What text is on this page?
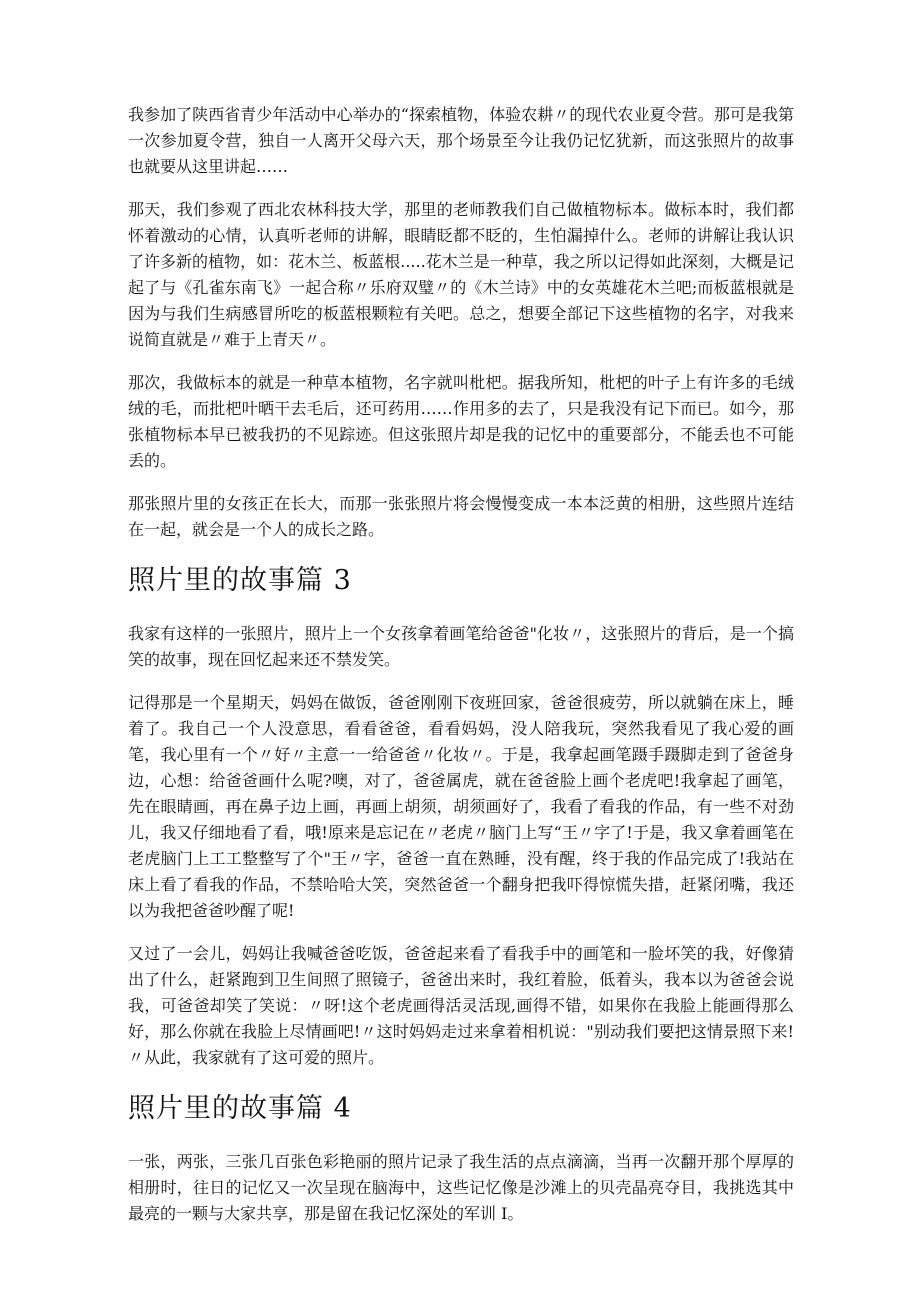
我参加了陕西省青少年活动中心举办的“探索植物，体验农耕〃的现代农业夏令营。那可是我第一次参加夏令营，独自一人离开父母六天，那个场景至今让我仍记忆犹新，而这张照片的故事也就要从这里讲起……

那天，我们参观了西北农林科技大学，那里的老师教我们自己做植物标本。做标本时，我们都怀着激动的心情，认真听老师的讲解，眼睛眨都不眨的，生怕漏掉什么。老师的讲解让我认识了许多新的植物，如：花木兰、板蓝根.....花木兰是一种草，我之所以记得如此深刻，大概是记起了与《孔雀东南飞》一起合称〃乐府双璧〃的《木兰诗》中的女英雄花木兰吧;而板蓝根就是因为与我们生病感冒所吃的板蓝根颗粒有关吧。总之，想要全部记下这些植物的名字，对我来说简直就是〃难于上青天〃。

那次，我做标本的就是一种草本植物，名字就叫枇杷。据我所知，枇杷的叶子上有许多的毛绒绒的毛，而批杷叶晒干去毛后，还可药用……作用多的去了，只是我没有记下而已。如今，那张植物标本早已被我扔的不见踪迹。但这张照片却是我的记忆中的重要部分，不能丢也不可能丢的。

那张照片里的女孩正在长大，而那一张张照片将会慢慢变成一本本泛黄的相册，这些照片连结在一起，就会是一个人的成长之路。

照片里的故事篇 3

我家有这样的一张照片，照片上一个女孩拿着画笔给爸爸"化妆〃，这张照片的背后，是一个搞笑的故事，现在回忆起来还不禁发笑。

记得那是一个星期天，妈妈在做饭，爸爸刚刚下夜班回家，爸爸很疲劳，所以就躺在床上，睡着了。我自己一个人没意思，看看爸爸，看看妈妈，没人陪我玩，突然我看见了我心爱的画笔，我心里有一个〃好〃主意一一给爸爸〃化妆〃。于是，我拿起画笔蹑手蹑脚走到了爸爸身边，心想：给爸爸画什么呢?噢，对了，爸爸属虎，就在爸爸脸上画个老虎吧!我拿起了画笔，先在眼睛画，再在鼻子边上画，再画上胡须，胡须画好了，我看了看我的作品，有一些不对劲儿，我又仔细地看了看，哦!原来是忘记在〃老虎〃脑门上写“王〃字了!于是，我又拿着画笔在老虎脑门上工工整整写了个"王〃字，爸爸一直在熟睡，没有醒，终于我的作品完成了!我站在床上看了看我的作品，不禁哈哈大笑，突然爸爸一个翻身把我吓得惊慌失措，赶紧闭嘴，我还以为我把爸爸吵醒了呢!

又过了一会儿，妈妈让我喊爸爸吃饭，爸爸起来看了看我手中的画笔和一脸坏笑的我，好像猜出了什么，赶紧跑到卫生间照了照镜子，爸爸出来时，我红着脸，低着头，我本以为爸爸会说我，可爸爸却笑了笑说：〃呀!这个老虎画得活灵活现,画得不错，如果你在我脸上能画得那么好，那么你就在我脸上尽情画吧!〃这时妈妈走过来拿着相机说："别动我们要把这情景照下来!〃从此，我家就有了这可爱的照片。

照片里的故事篇 4

一张，两张，三张几百张色彩艳丽的照片记录了我生活的点点滴滴，当再一次翻开那个厚厚的相册时，往日的记忆又一次呈现在脑海中，这些记忆像是沙滩上的贝壳晶亮夺目，我挑选其中最亮的一颗与大家共享，那是留在我记忆深处的军训 I。
